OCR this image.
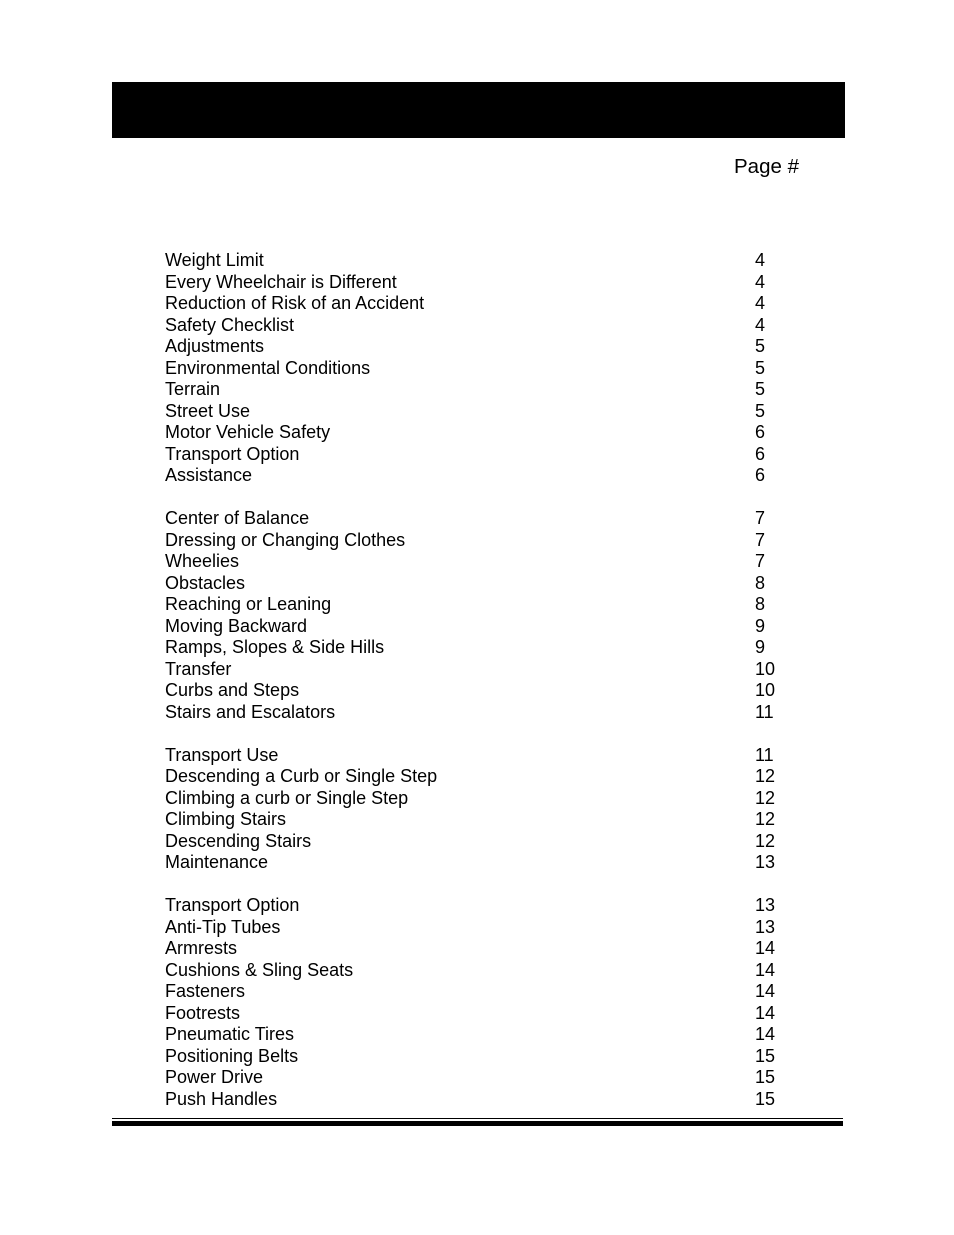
Page #
Weight Limit	4
Every Wheelchair is Different	4
Reduction of Risk of an Accident	4
Safety Checklist	4
Adjustments	5
Environmental Conditions	5
Terrain	5
Street Use	5
Motor Vehicle Safety	6
Transport Option	6
Assistance	6
Center of Balance	7
Dressing or Changing Clothes	7
Wheelies	7
Obstacles	8
Reaching or Leaning	8
Moving Backward	9
Ramps, Slopes & Side Hills	9
Transfer	10
Curbs and Steps	10
Stairs and Escalators	11
Transport Use	11
Descending a Curb or Single Step	12
Climbing a curb or Single Step	12
Climbing Stairs	12
Descending Stairs	12
Maintenance	13
Transport Option	13
Anti-Tip Tubes	13
Armrests	14
Cushions & Sling Seats	14
Fasteners	14
Footrests	14
Pneumatic Tires	14
Positioning Belts	15
Power Drive	15
Push Handles	15
